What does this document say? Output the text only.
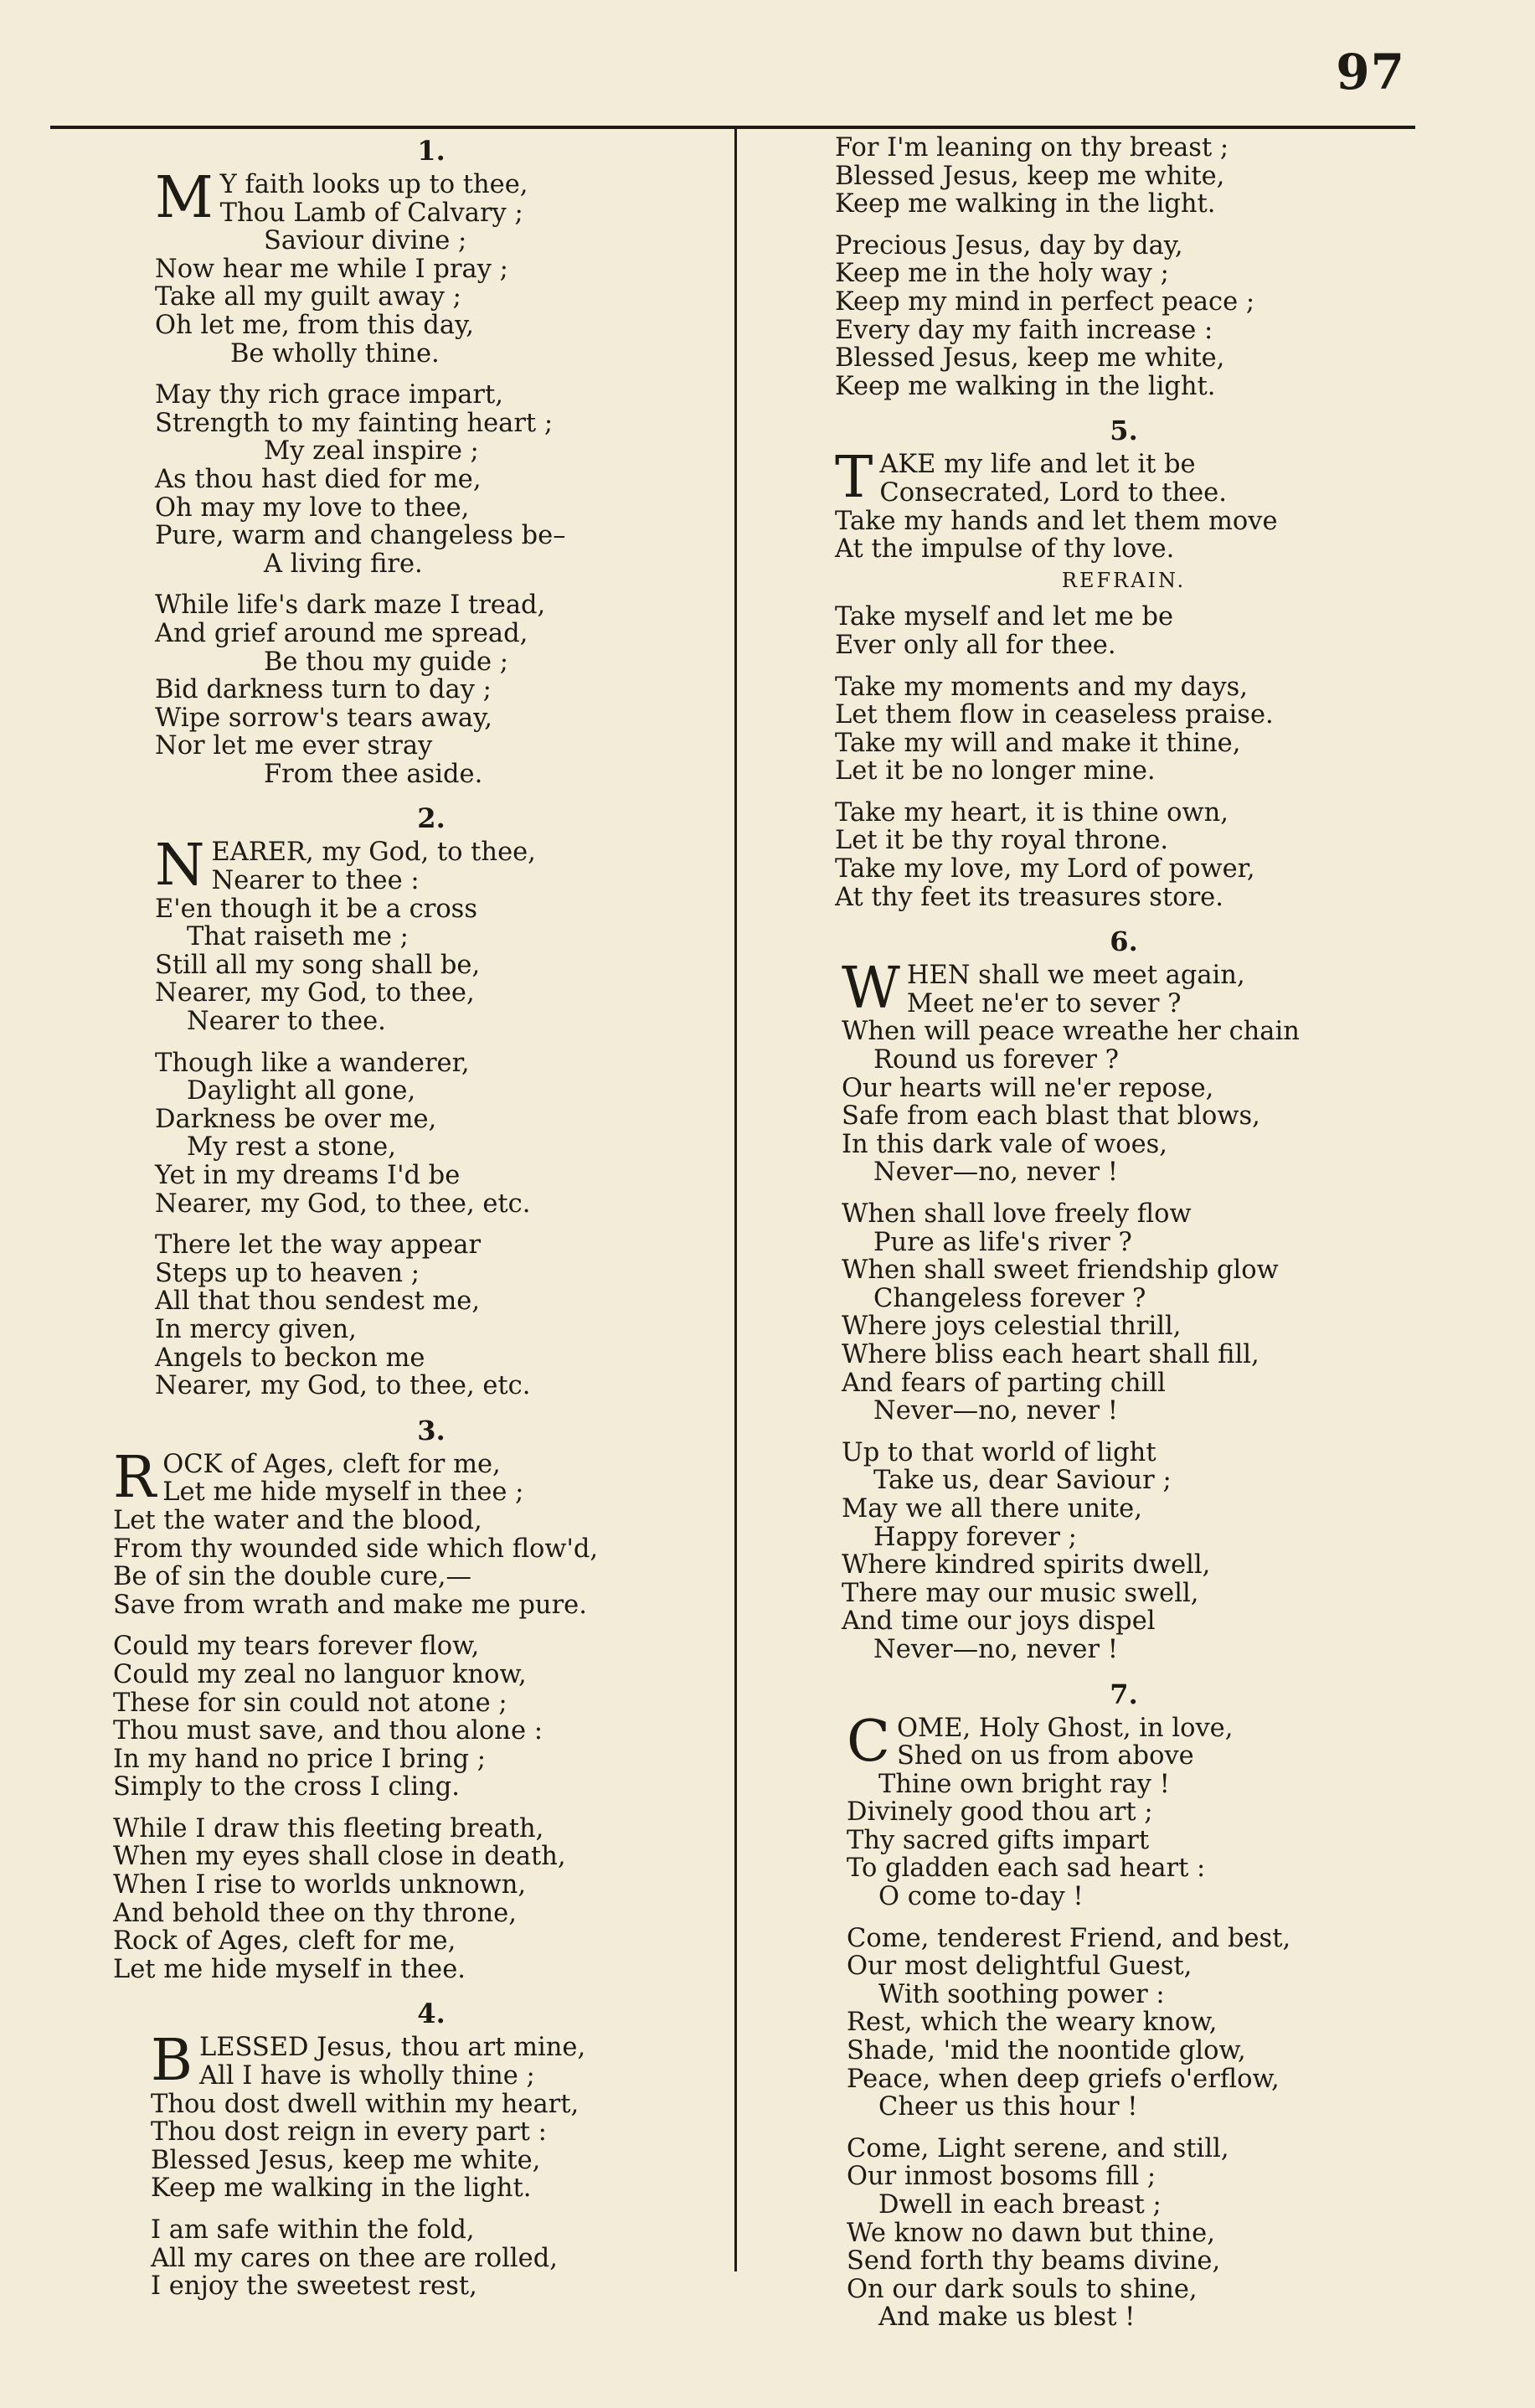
97
1.
M Y faith looks up to thee,
Thou Lamb of Calvary ;
Saviour divine ;
Now hear me while I pray ;
Take all my guilt away ;
Oh let me, from this day,
Be wholly thine.
May thy rich grace impart,
Strength to my fainting heart ;
My zeal inspire ;
As thou hast died for me,
Oh may my love to thee,
Pure, warm and changeless be–
A living fire.
While life's dark maze I tread,
And grief around me spread,
Be thou my guide ;
Bid darkness turn to day ;
Wipe sorrow's tears away,
Nor let me ever stray
From thee aside.
2.
N EARER, my God, to thee,
Nearer to thee :
E'en though it be a cross
That raiseth me ;
Still all my song shall be,
Nearer, my God, to thee,
Nearer to thee.
Though like a wanderer,
Daylight all gone,
Darkness be over me,
My rest a stone,
Yet in my dreams I'd be
Nearer, my God, to thee, etc.
There let the way appear
Steps up to heaven ;
All that thou sendest me,
In mercy given,
Angels to beckon me
Nearer, my God, to thee, etc.
3.
R OCK of Ages, cleft for me,
Let me hide myself in thee ;
Let the water and the blood,
From thy wounded side which flow'd,
Be of sin the double cure,—
Save from wrath and make me pure.
Could my tears forever flow,
Could my zeal no languor know,
These for sin could not atone ;
Thou must save, and thou alone :
In my hand no price I bring ;
Simply to the cross I cling.
While I draw this fleeting breath,
When my eyes shall close in death,
When I rise to worlds unknown,
And behold thee on thy throne,
Rock of Ages, cleft for me,
Let me hide myself in thee.
4.
B LESSED Jesus, thou art mine,
All I have is wholly thine ;
Thou dost dwell within my heart,
Thou dost reign in every part :
Blessed Jesus, keep me white,
Keep me walking in the light.
I am safe within the fold,
All my cares on thee are rolled,
I enjoy the sweetest rest,
For I'm leaning on thy breast ;
Blessed Jesus, keep me white,
Keep me walking in the light.
Precious Jesus, day by day,
Keep me in the holy way ;
Keep my mind in perfect peace ;
Every day my faith increase :
Blessed Jesus, keep me white,
Keep me walking in the light.
5.
T AKE my life and let it be
Consecrated, Lord to thee.
Take my hands and let them move
At the impulse of thy love.
REFRAIN.
Take myself and let me be
Ever only all for thee.
Take my moments and my days,
Let them flow in ceaseless praise.
Take my will and make it thine,
Let it be no longer mine.
Take my heart, it is thine own,
Let it be thy royal throne.
Take my love, my Lord of power,
At thy feet its treasures store.
6.
W HEN shall we meet again,
Meet ne'er to sever ?
When will peace wreathe her chain
Round us forever ?
Our hearts will ne'er repose,
Safe from each blast that blows,
In this dark vale of woes,
Never—no, never !
When shall love freely flow
Pure as life's river ?
When shall sweet friendship glow
Changeless forever ?
Where joys celestial thrill,
Where bliss each heart shall fill,
And fears of parting chill
Never—no, never !
Up to that world of light
Take us, dear Saviour ;
May we all there unite,
Happy forever ;
Where kindred spirits dwell,
There may our music swell,
And time our joys dispel
Never—no, never !
7.
C OME, Holy Ghost, in love,
Shed on us from above
Thine own bright ray !
Divinely good thou art ;
Thy sacred gifts impart
To gladden each sad heart :
O come to-day !
Come, tenderest Friend, and best,
Our most delightful Guest,
With soothing power :
Rest, which the weary know,
Shade, 'mid the noontide glow,
Peace, when deep griefs o'erflow,
Cheer us this hour !
Come, Light serene, and still,
Our inmost bosoms fill ;
Dwell in each breast ;
We know no dawn but thine,
Send forth thy beams divine,
On our dark souls to shine,
And make us blest !
